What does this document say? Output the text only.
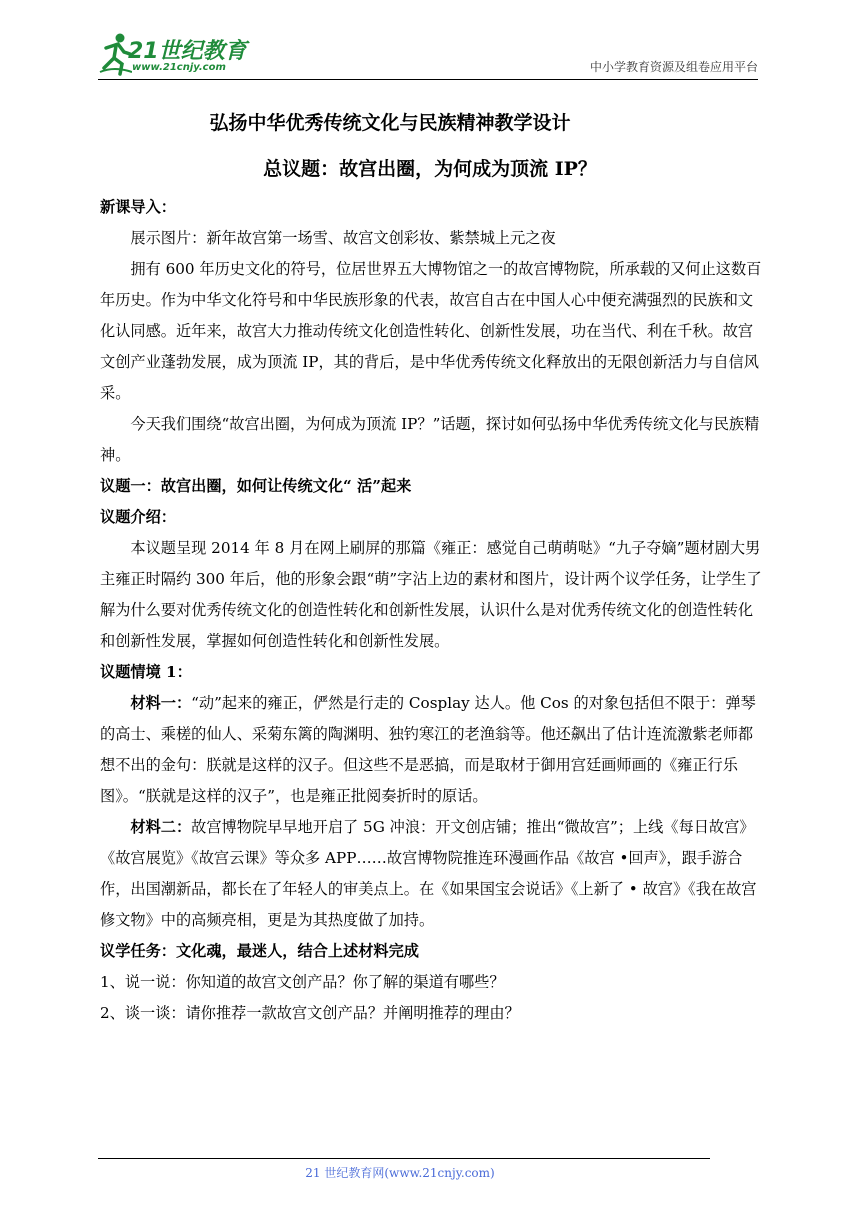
21世纪教育
www.21cnjy.com	中小学教育资源及组卷应用平台
弘扬中华优秀传统文化与民族精神教学设计
总议题：故宫出圈，为何成为顶流 IP？

新课导入：

展示图片：新年故宫第一场雪、故宫文创彩妆、紫禁城上元之夜

拥有 600 年历史文化的符号，位居世界五大博物馆之一的故宫博物院，所承载的又何止这数百年历史。作为中华文化符号和中华民族形象的代表，故宫自古在中国人心中便充满强烈的民族和文化认同感。近年来，故宫大力推动传统文化创造性转化、创新性发展，功在当代、利在千秋。故宫文创产业蓬勃发展，成为顶流 IP，其的背后，是中华优秀传统文化释放出的无限创新活力与自信风采。

今天我们围绕“故宫出圈，为何成为顶流 IP？”话题，探讨如何弘扬中华优秀传统文化与民族精神。

议题一：故宫出圈，如何让传统文化“ 活”起来

议题介绍：

本议题呈现 2014 年 8 月在网上刷屏的那篇《雍正：感觉自己萌萌哒》“九子夺嫡”题材剧大男主雍正时隔约 300 年后，他的形象会跟“萌”字沾上边的素材和图片，设计两个议学任务，让学生了解为什么要对优秀传统文化的创造性转化和创新性发展，认识什么是对优秀传统文化的创造性转化和创新性发展，掌握如何创造性转化和创新性发展。

议题情境 1：

材料一：“动”起来的雍正，俨然是行走的 Cosplay 达人。他 Cos 的对象包括但不限于：弹琴的高士、乘槎的仙人、采菊东篱的陶渊明、独钓寒江的老渔翁等。他还飙出了估计连流激紫老师都想不出的金句：朕就是这样的汉子。但这些不是恶搞，而是取材于御用宫廷画师画的《雍正行乐图》。“朕就是这样的汉子”，也是雍正批阅奏折时的原话。

材料二：故宫博物院早早地开启了 5G 冲浪：开文创店铺；推出“微故宫”；上线《每日故宫》《故宫展览》《故宫云课》等众多 APP……故宫博物院推连环漫画作品《故宫 •回声》，跟手游合作，出国潮新品，都长在了年轻人的审美点上。在《如果国宝会说话》《上新了 • 故宫》《我在故宫修文物》中的高频亮相，更是为其热度做了加持。

议学任务：文化魂，最迷人，结合上述材料完成

1、说一说：你知道的故宫文创产品？你了解的渠道有哪些？

2、谈一谈：请你推荐一款故宫文创产品？并阐明推荐的理由？

21 世纪教育网(www.21cnjy.com)
